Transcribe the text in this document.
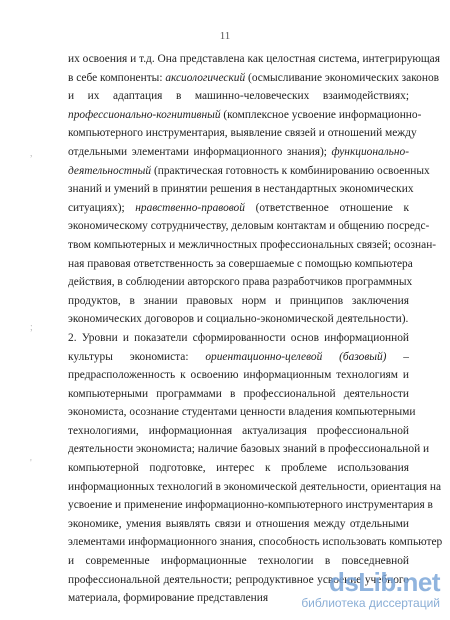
11
их освоения и т.д. Она представлена как целостная система, интегрирующая
в себе компоненты: аксиологический (осмысливание экономических законов
и их адаптация в машинно-человеческих взаимодействиях;
профессионально-когнитивный (комплексное усвоение информационно-
компьютерного инструментария, выявление связей и отношений между
отдельными элементами информационного знания); функционально-
деятельностный (практическая готовность к комбинированию освоенных
знаний и умений в принятии решения в нестандартных экономических
ситуациях); нравственно-правовой (ответственное отношение к
экономическому сотрудничеству, деловым контактам и общению посредс-
твом компьютерных и межличностных профессиональных связей; осознан-
ная правовая ответственность за совершаемые с помощью компьютера
действия, в соблюдении авторского права разработчиков программных
продуктов, в знании правовых норм и принципов заключения
экономических договоров и социально-экономической деятельности).
2. Уровни и показатели сформированности основ информационной
культуры экономиста: ориентационно-целевой (базовый) –
предрасположенность к освоению информационным технологиям и
компьютерными программами в профессиональной деятельности
экономиста, осознание студентами ценности владения компьютерными
технологиями, информационная актуализация профессиональной
деятельности экономиста; наличие базовых знаний в профессиональной и
компьютерной подготовке, интерес к проблеме использования
информационных технологий в экономической деятельности, ориентация на
усвоение и применение информационно-компьютерного инструментария в
экономике, умения выявлять связи и отношения между отдельными
элементами информационного знания, способность использовать компьютер
и современные информационные технологии в повседневной
профессиональной деятельности; репродуктивное усвоение учебного
материала, формирование представления
,
;
'
dsLib.net
библиотека диссертаций
